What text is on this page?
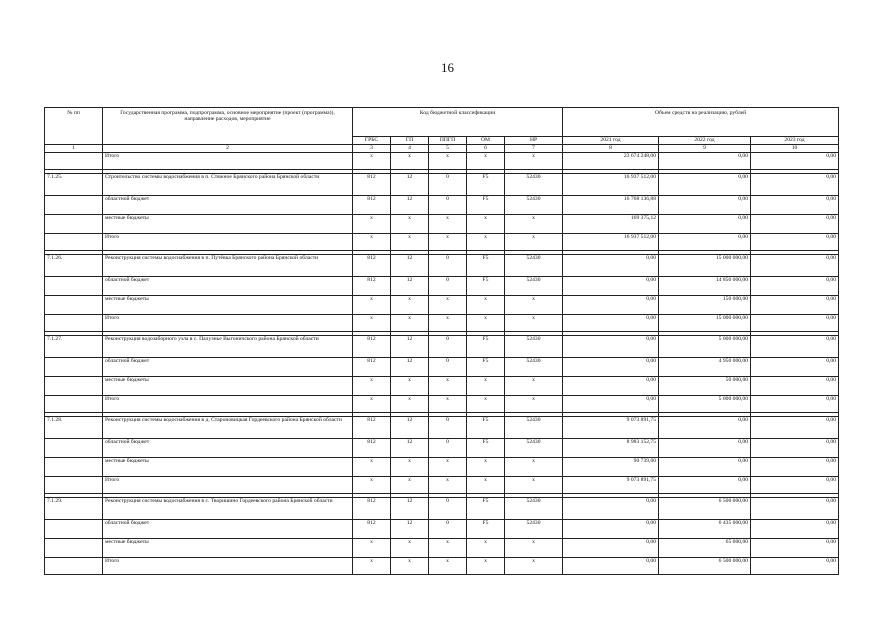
16
№ пп	Государственная программа, подпрограмма, основное мероприятие (проект (программа)), направление расходов, мероприятие	Код бюджетной классификации					Объем средств на реализацию, рублей		
		ГРБС	ГП	ППГП	ОМ	НР	2021 год	2022 год	2023 год
1	2	3	4	5	6	7	8	9	10
	Итого	х	х	х	х	х	23 674 248,00	0,00	0,00

7.1.25.	Строительство системы водоснабжения в п. Стяжное Брянского района Брянской области	812	12	0	F5	52430	16 937 512,00	0,00	0,00
	областной бюджет	812	12	0	F5	52430	16 768 136,88	0,00	0,00
	местные бюджеты	х	х	х	х	х	169 375,12	0,00	0,00
	Итого	х	х	х	х	х	16 937 512,00	0,00	0,00

7.1.26.	Реконструкция системы водоснабжения в п. Путёвка Брянского района Брянской области	812	12	0	F5	52430	0,00	15 000 000,00	0,00
	областной бюджет	812	12	0	F5	52430	0,00	14 850 000,00	0,00
	местные бюджеты	х	х	х	х	х	0,00	150 000,00	0,00
	Итого	х	х	х	х	х	0,00	15 000 000,00	0,00

7.1.27.	Реконструкция водозаборного узла в с. Палуэнье Выгоничского района Брянской области	812	12	0	F5	52430	0,00	5 000 000,00	0,00
	областной бюджет	812	12	0	F5	52430	0,00	4 950 000,00	0,00
	местные бюджеты	х	х	х	х	х	0,00	50 000,00	0,00
	Итого	х	х	х	х	х	0,00	5 000 000,00	0,00

7.1.28.	Реконструкция системы водоснабжения в д. Староновицкая Гордеевского района Брянской области	812	12	0	F5	52430	9 073 891,75	0,00	0,00
	областной бюджет	812	12	0	F5	52430	8 983 152,75	0,00	0,00
	местные бюджеты	х	х	х	х	х	90 739,00	0,00	0,00
	Итого	х	х	х	х	х	9 073 891,75	0,00	0,00

7.1.29.	Реконструкция системы водоснабжения в с. Творишино Гордеевского района Брянской области	812	12	0	F5	52430	0,00	6 500 000,00	0,00
	областной бюджет	812	12	0	F5	52430	0,00	6 435 000,00	0,00
	местные бюджеты	х	х	х	х	х	0,00	65 000,00	0,00
	Итого	х	х	х	х	х	0,00	6 500 000,00	0,00
